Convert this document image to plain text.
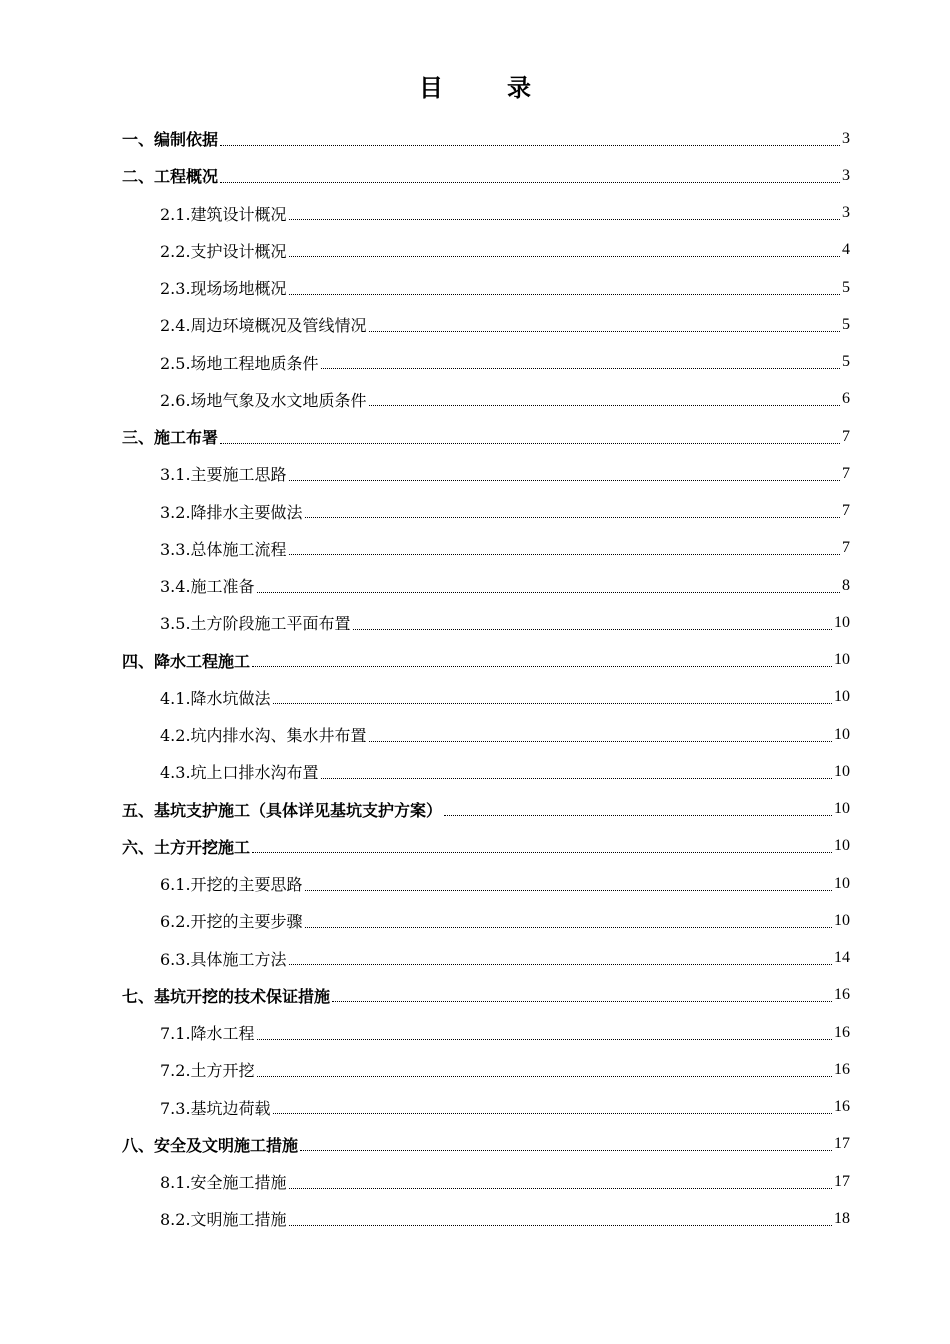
目	录
一、编制依据	3
二、工程概况	3
2.1.建筑设计概况	3
2.2.支护设计概况	4
2.3.现场场地概况	5
2.4.周边环境概况及管线情况	5
2.5.场地工程地质条件	5
2.6.场地气象及水文地质条件	6
三、施工布署	7
3.1.主要施工思路	7
3.2.降排水主要做法	7
3.3.总体施工流程	7
3.4.施工准备	8
3.5.土方阶段施工平面布置	10
四、降水工程施工	10
4.1.降水坑做法	10
4.2.坑内排水沟、集水井布置	10
4.3.坑上口排水沟布置	10
五、基坑支护施工（具体详见基坑支护方案）	10
六、土方开挖施工	10
6.1.开挖的主要思路	10
6.2.开挖的主要步骤	10
6.3.具体施工方法	14
七、基坑开挖的技术保证措施	16
7.1.降水工程	16
7.2.土方开挖	16
7.3.基坑边荷载	16
八、安全及文明施工措施	17
8.1.安全施工措施	17
8.2.文明施工措施	18
